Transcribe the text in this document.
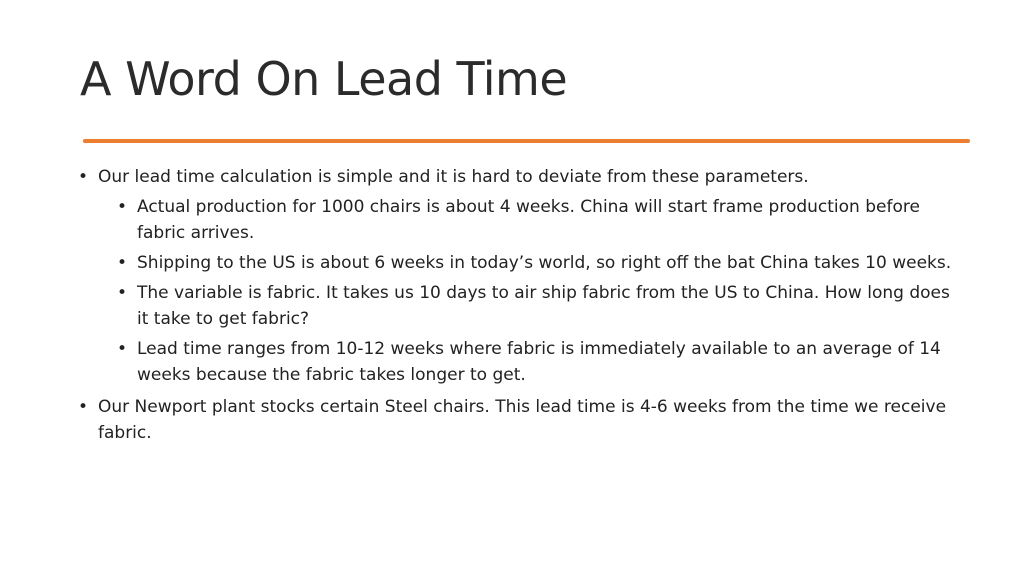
A Word On Lead Time
• Our lead time calculation is simple and it is hard to deviate from these parameters.
• Actual production for 1000 chairs is about 4 weeks. China will start frame production before fabric arrives.
• Shipping to the US is about 6 weeks in today’s world, so right off the bat China takes 10 weeks.
• The variable is fabric. It takes us 10 days to air ship fabric from the US to China. How long does it take to get fabric?
• Lead time ranges from 10-12 weeks where fabric is immediately available to an average of 14 weeks because the fabric takes longer to get.
• Our Newport plant stocks certain Steel chairs. This lead time is 4-6 weeks from the time we receive fabric.
